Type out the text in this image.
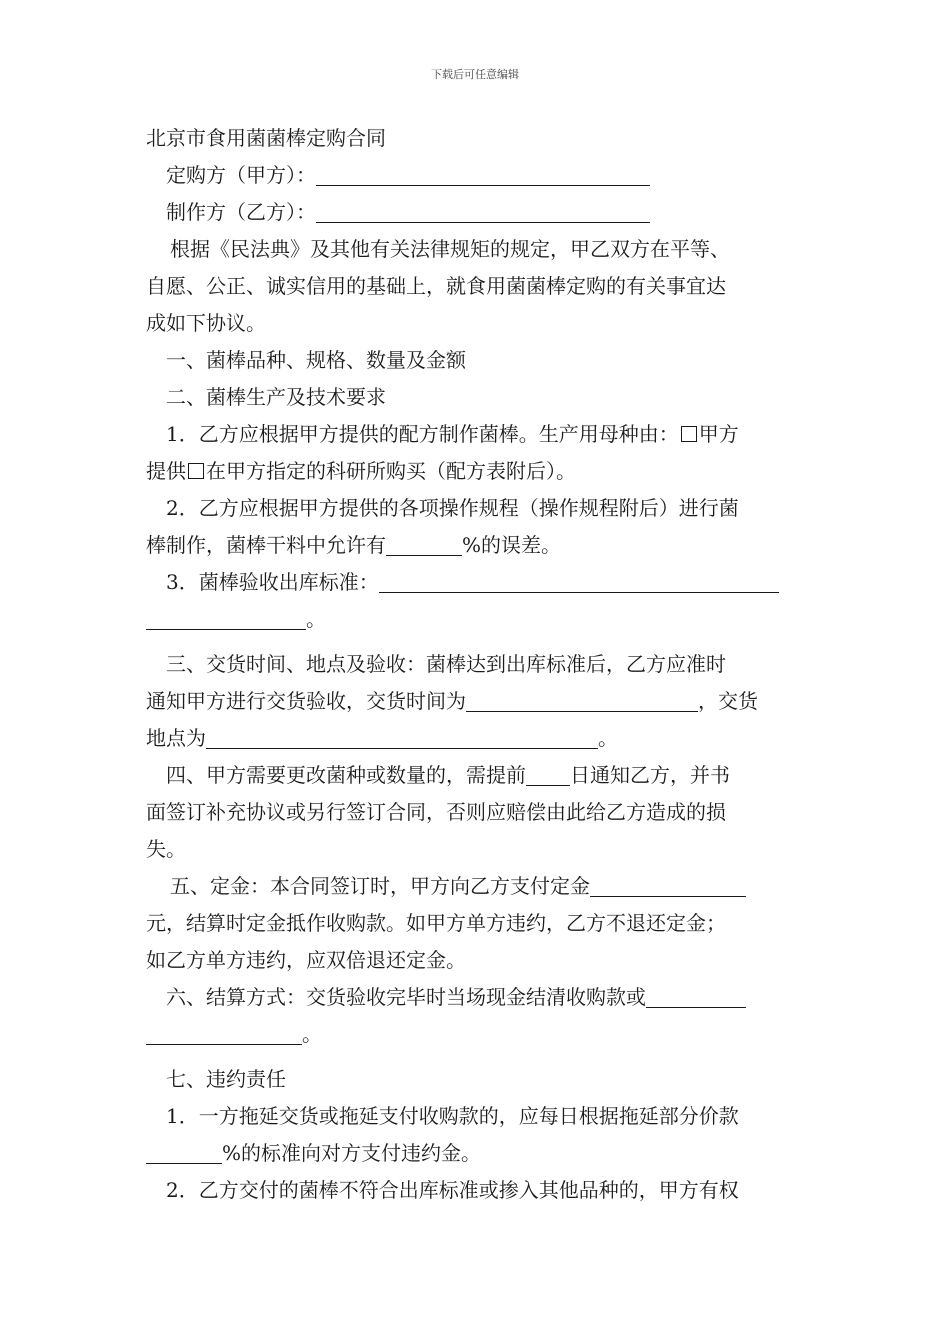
下载后可任意编辑

北京市食用菌菌棒定购合同

定购方（甲方）：

制作方（乙方）：

根据《民法典》及其他有关法律规矩的规定，甲乙双方在平等、

自愿、公正、诚实信用的基础上，就食用菌菌棒定购的有关事宜达

成如下协议。

一、菌棒品种、规格、数量及金额

二、菌棒生产及技术要求

1．乙方应根据甲方提供的配方制作菌棒。生产用母种由： 甲方

提供 在甲方指定的科研所购买（配方表附后）。

2．乙方应根据甲方提供的各项操作规程（操作规程附后）进行菌

棒制作，菌棒干料中允许有	%的误差。

3．菌棒验收出库标准：

。

三、交货时间、地点及验收：菌棒达到出库标准后，乙方应准时

通知甲方进行交货验收，交货时间为	，交货

地点为	。

四、甲方需要更改菌种或数量的，需提前 日通知乙方，并书

面签订补充协议或另行签订合同，否则应赔偿由此给乙方造成的损

失。

五、定金：本合同签订时，甲方向乙方支付定金

元，结算时定金抵作收购款。如甲方单方违约，乙方不退还定金；

如乙方单方违约，应双倍退还定金。

六、结算方式：交货验收完毕时当场现金结清收购款或

。

七、违约责任

1．一方拖延交货或拖延支付收购款的，应每日根据拖延部分价款

%的标准向对方支付违约金。

2．乙方交付的菌棒不符合出库标准或掺入其他品种的，甲方有权
